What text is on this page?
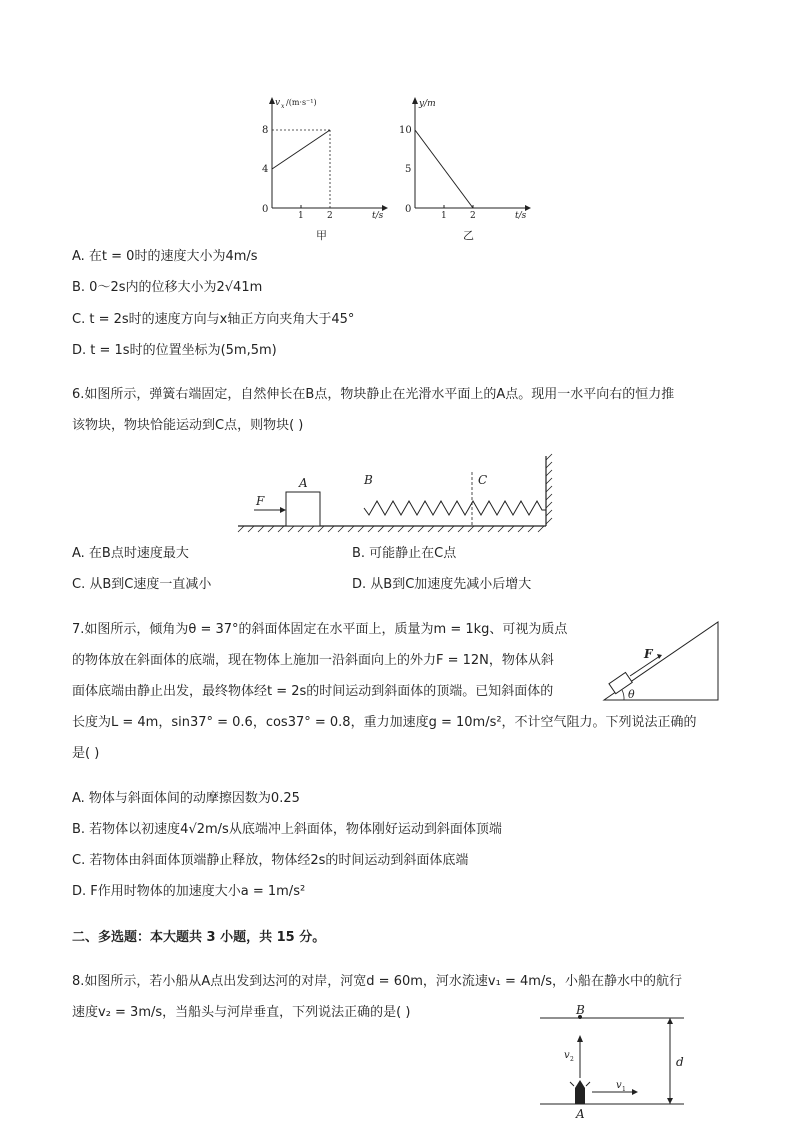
v x /(m·s⁻¹)
8
4
0
1	2	t/s
甲
y/m
10
5
0
1	2	t/s
乙
A. 在t = 0时的速度大小为4m/s
B. 0～2s内的位移大小为2√41m
C. t = 2s时的速度方向与x轴正方向夹角大于45°
D. t = 1s时的位置坐标为(5m,5m)
6.如图所示，弹簧右端固定，自然伸长在B点，物块静止在光滑水平面上的A点。现用一水平向右的恒力推
该物块，物块恰能运动到C点，则物块( )
F
A	B	C
A. 在B点时速度最大	B. 可能静止在C点
C. 从B到C速度一直减小	D. 从B到C加速度先减小后增大
7.如图所示，倾角为θ = 37°的斜面体固定在水平面上，质量为m = 1kg、可视为质点
的物体放在斜面体的底端，现在物体上施加一沿斜面向上的外力F = 12N，物体从斜
面体底端由静止出发，最终物体经t = 2s的时间运动到斜面体的顶端。已知斜面体的
长度为L = 4m，sin37° = 0.6，cos37° = 0.8，重力加速度g = 10m/s²，不计空气阻力。下列说法正确的
是( )
F
θ
A. 物体与斜面体间的动摩擦因数为0.25
B. 若物体以初速度4√2m/s从底端冲上斜面体，物体刚好运动到斜面体顶端
C. 若物体由斜面体顶端静止释放，物体经2s的时间运动到斜面体底端
D. F作用时物体的加速度大小a = 1m/s²
二、多选题：本大题共 3 小题，共 15 分。
8.如图所示，若小船从A点出发到达河的对岸，河宽d = 60m，河水流速v₁ = 4m/s，小船在静水中的航行
速度v₂ = 3m/s，当船头与河岸垂直，下列说法正确的是( )	B
A
v 2
v 1
d
